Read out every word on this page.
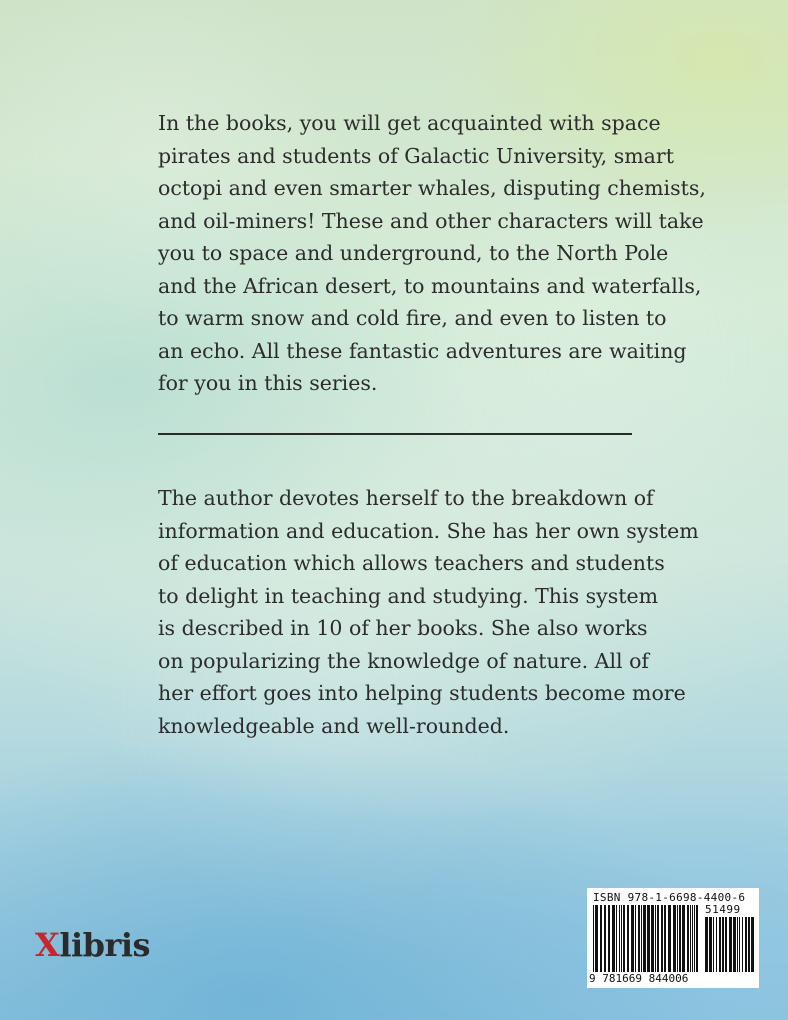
In the books, you will get acquainted with space
pirates and students of Galactic University, smart
octopi and even smarter whales, disputing chemists,
and oil-miners! These and other characters will take
you to space and underground, to the North Pole
and the African desert, to mountains and waterfalls,
to warm snow and cold fire, and even to listen to
an echo. All these fantastic adventures are waiting
for you in this series.

The author devotes herself to the breakdown of
information and education. She has her own system
of education which allows teachers and students
to delight in teaching and studying. This system
is described in 10 of her books. She also works
on popularizing the knowledge of nature. All of
her effort goes into helping students become more
knowledgeable and well-rounded.

Xlibris
ISBN 978-1-6698-4400-6
51499
9 781669 844006
